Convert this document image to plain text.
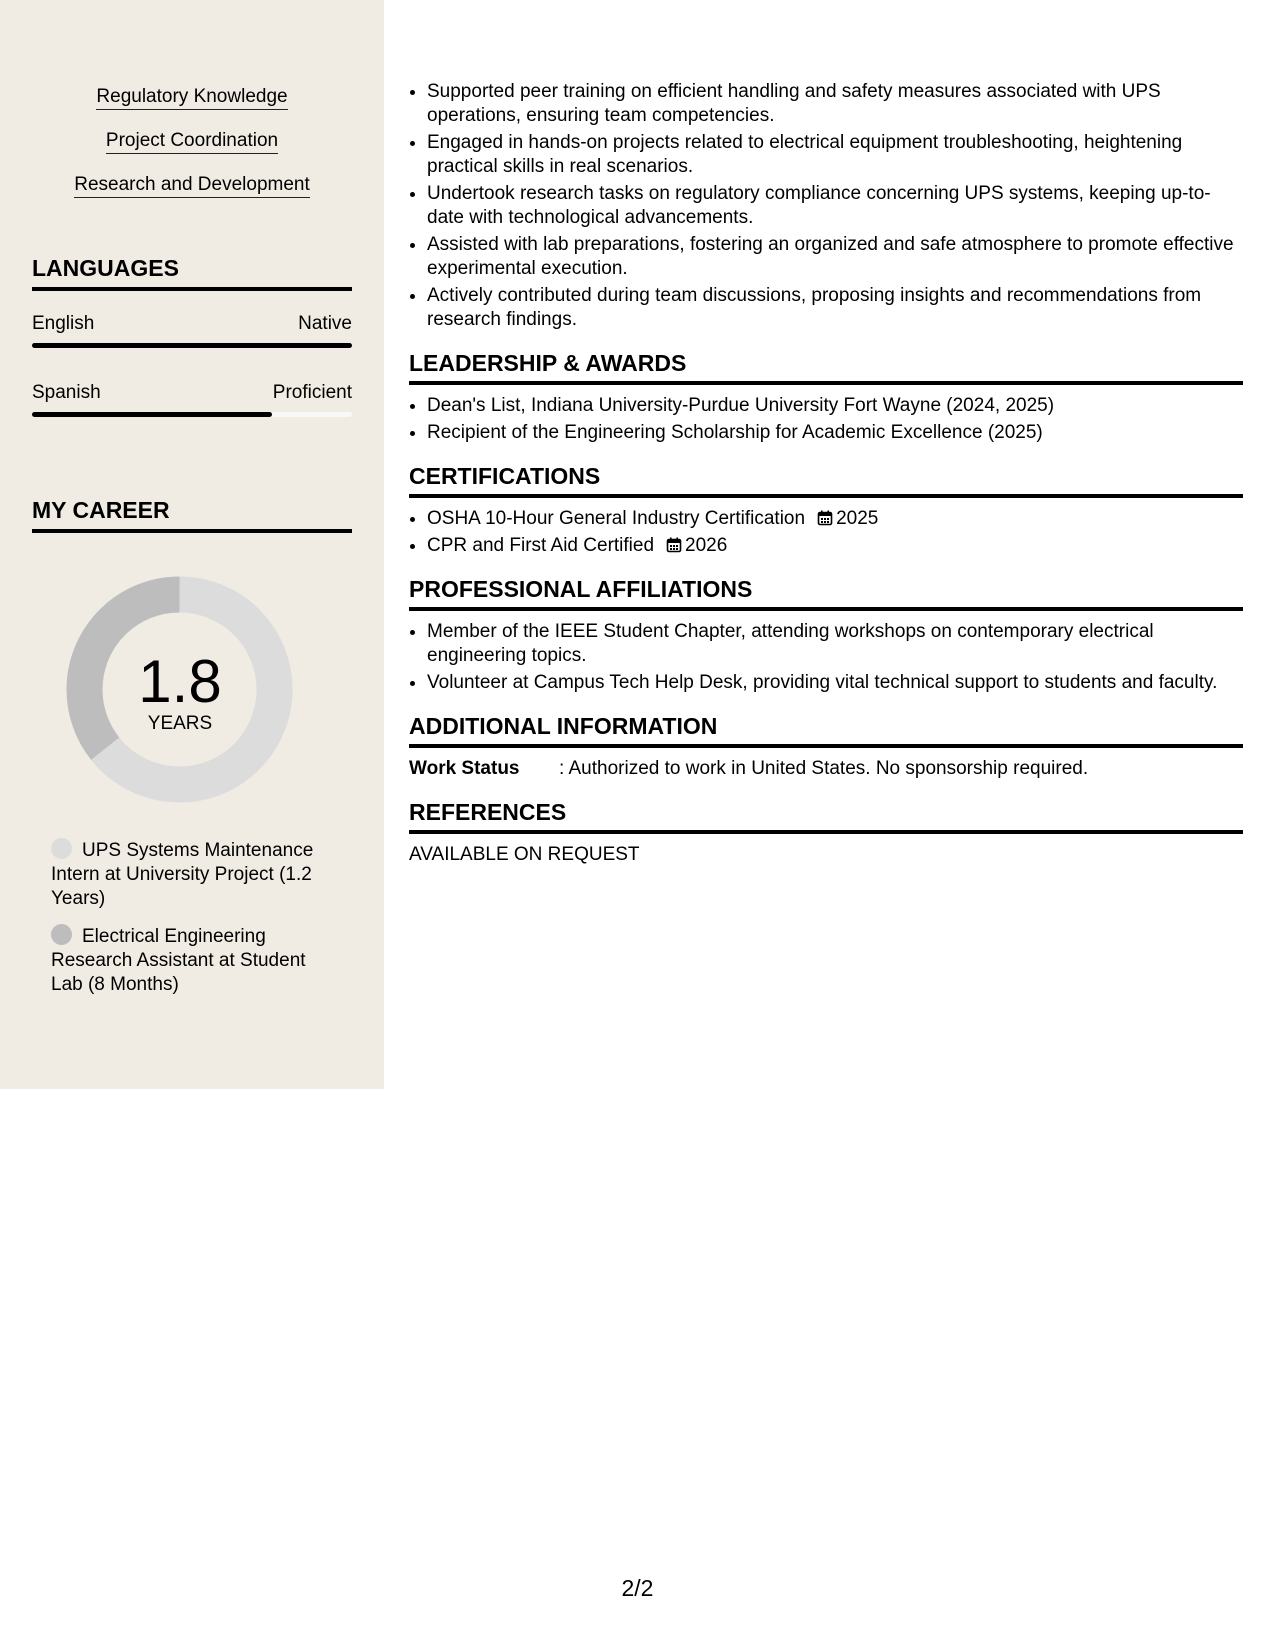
Regulatory Knowledge
Project Coordination
Research and Development
LANGUAGES
English	Native
Spanish	Proficient
MY CAREER
1.8
YEARS
UPS Systems Maintenance Intern at University Project (1.2 Years)
Electrical Engineering Research Assistant at Student Lab (8 Months)
• Supported peer training on efficient handling and safety measures associated with UPS operations, ensuring team competencies.
• Engaged in hands-on projects related to electrical equipment troubleshooting, heightening practical skills in real scenarios.
• Undertook research tasks on regulatory compliance concerning UPS systems, keeping up-to-date with technological advancements.
• Assisted with lab preparations, fostering an organized and safe atmosphere to promote effective experimental execution.
• Actively contributed during team discussions, proposing insights and recommendations from research findings.
LEADERSHIP & AWARDS
• Dean's List, Indiana University-Purdue University Fort Wayne (2024, 2025)
• Recipient of the Engineering Scholarship for Academic Excellence (2025)
CERTIFICATIONS
• OSHA 10-Hour General Industry Certification 2025
• CPR and First Aid Certified 2026
PROFESSIONAL AFFILIATIONS
• Member of the IEEE Student Chapter, attending workshops on contemporary electrical engineering topics.
• Volunteer at Campus Tech Help Desk, providing vital technical support to students and faculty.
ADDITIONAL INFORMATION
Work Status : Authorized to work in United States. No sponsorship required.
REFERENCES
AVAILABLE ON REQUEST
2/2
